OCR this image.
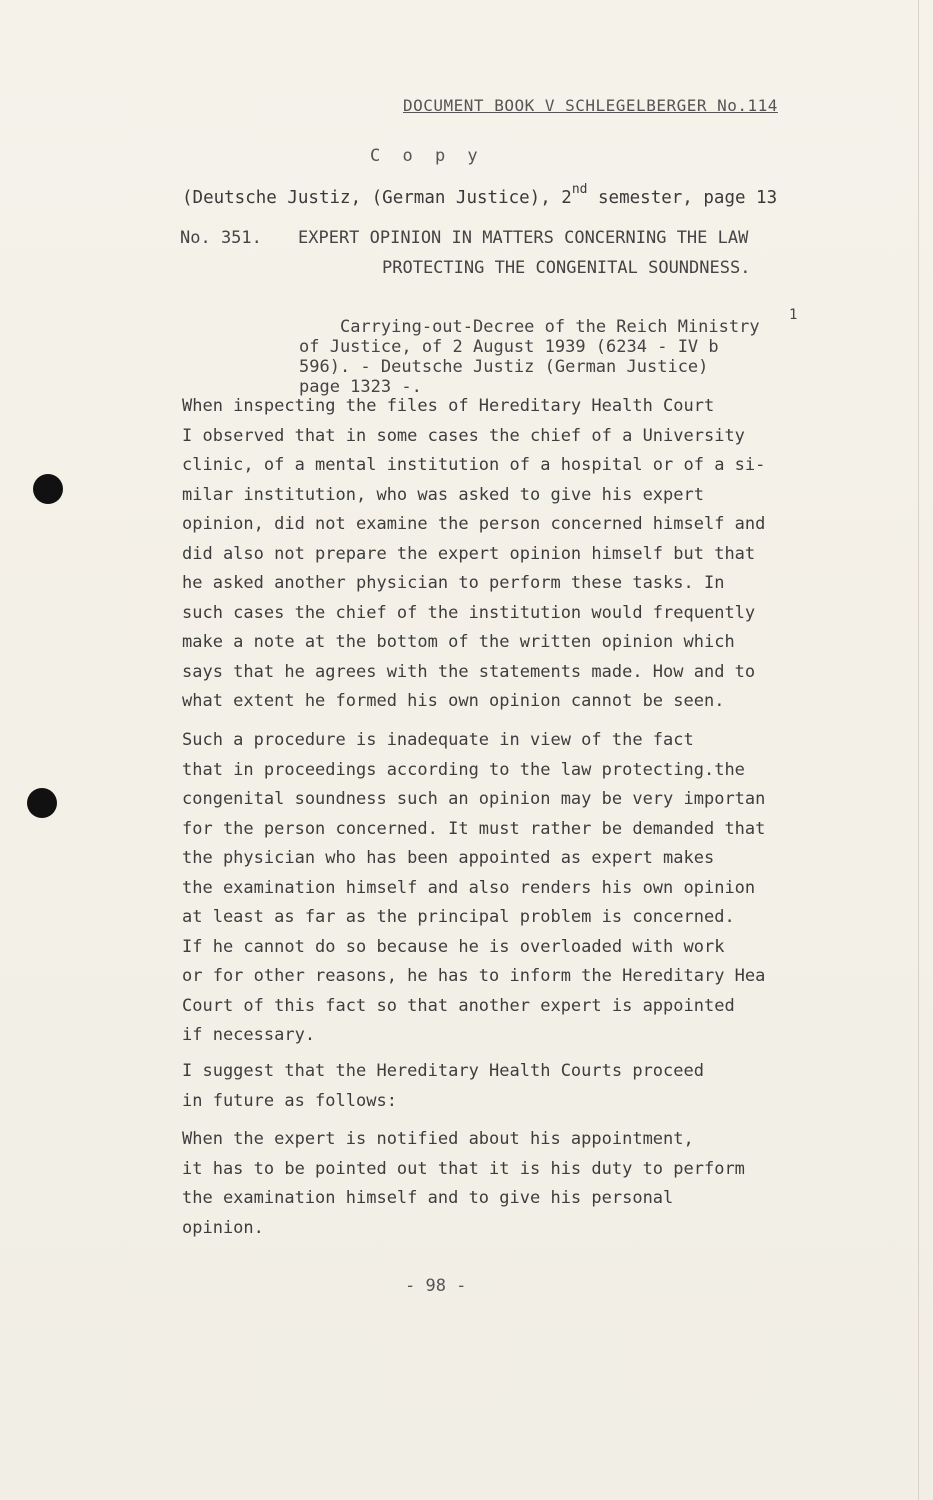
DOCUMENT BOOK V SCHLEGELBERGER No.114
C o p y
(Deutsche Justiz, (German Justice), 2nd semester, page 13
No. 351. EXPERT OPINION IN MATTERS CONCERNING THE LAW
PROTECTING THE CONGENITAL SOUNDNESS.

Carrying-out-Decree of the Reich Ministry
of Justice, of 2 August 1939 (6234 - IV b
596). - Deutsche Justiz (German Justice)
page 1323 -.

1

When inspecting the files of Hereditary Health Court
I observed that in some cases the chief of a University
clinic, of a mental institution of a hospital or of a si-
milar institution, who was asked to give his expert
opinion, did not examine the person concerned himself and
did also not prepare the expert opinion himself but that
he asked another physician to perform these tasks. In
such cases the chief of the institution would frequently
make a note at the bottom of the written opinion which
says that he agrees with the statements made. How and to
what extent he formed his own opinion cannot be seen.
Such a procedure is inadequate in view of the fact
that in proceedings according to the law protecting.the
congenital soundness such an opinion may be very importan
for the person concerned. It must rather be demanded that
the physician who has been appointed as expert makes
the examination himself and also renders his own opinion
at least as far as the principal problem is concerned.
If he cannot do so because he is overloaded with work
or for other reasons, he has to inform the Hereditary Hea
Court of this fact so that another expert is appointed
if necessary.
I suggest that the Hereditary Health Courts proceed
in future as follows:
When the expert is notified about his appointment,
it has to be pointed out that it is his duty to perform
the examination himself and to give his personal
opinion.
- 98 -
